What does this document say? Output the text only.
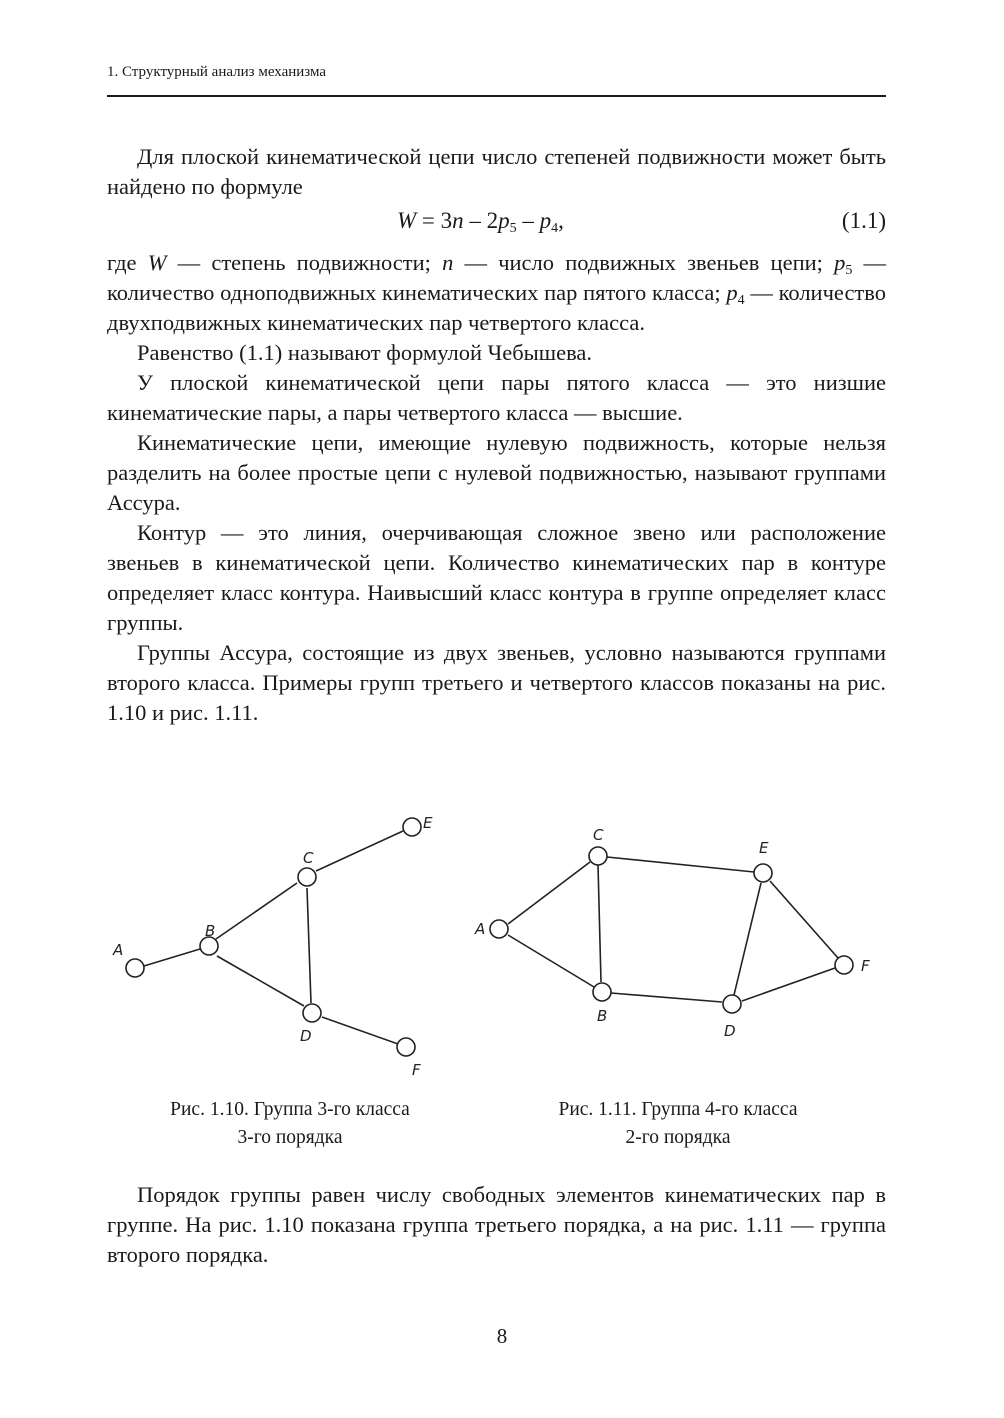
1. Структурный анализ механизма

Для плоской кинематической цепи число степеней подвижности может быть найдено по формуле

$W = 3n - 2p_5 - p_4$,	(1.1)

где W — степень подвижности; n — число подвижных звеньев цепи; $p_5$ — количество одноподвижных кинематических пар пятого класса; $p_4$ — количество двухподвижных кинематических пар четвертого класса.

Равенство (1.1) называют формулой Чебышева.

У плоской кинематической цепи пары пятого класса — это низшие кинематические пары, а пары четвертого класса — высшие.

Кинематические цепи, имеющие нулевую подвижность, которые нельзя разделить на более простые цепи с нулевой подвижностью, называют группами Ассура.

Контур — это линия, очерчивающая сложное звено или расположение звеньев в кинематической цепи. Количество кинематических пар в контуре определяет класс контура. Наивысший класс контура в группе определяет класс группы.

Группы Ассура, состоящие из двух звеньев, условно называются группами второго класса. Примеры групп третьего и четвертого классов показаны на рис. 1.10 и рис. 1.11.

A
B
C
D
E
F
Рис. 1.10. Группа 3-го класса
3-го порядка
A
B
C
D
E
F
Рис. 1.11. Группа 4-го класса
2-го порядка

Порядок группы равен числу свободных элементов кинематических пар в группе. На рис. 1.10 показана группа третьего порядка, а на рис. 1.11 — группа второго порядка.

8
